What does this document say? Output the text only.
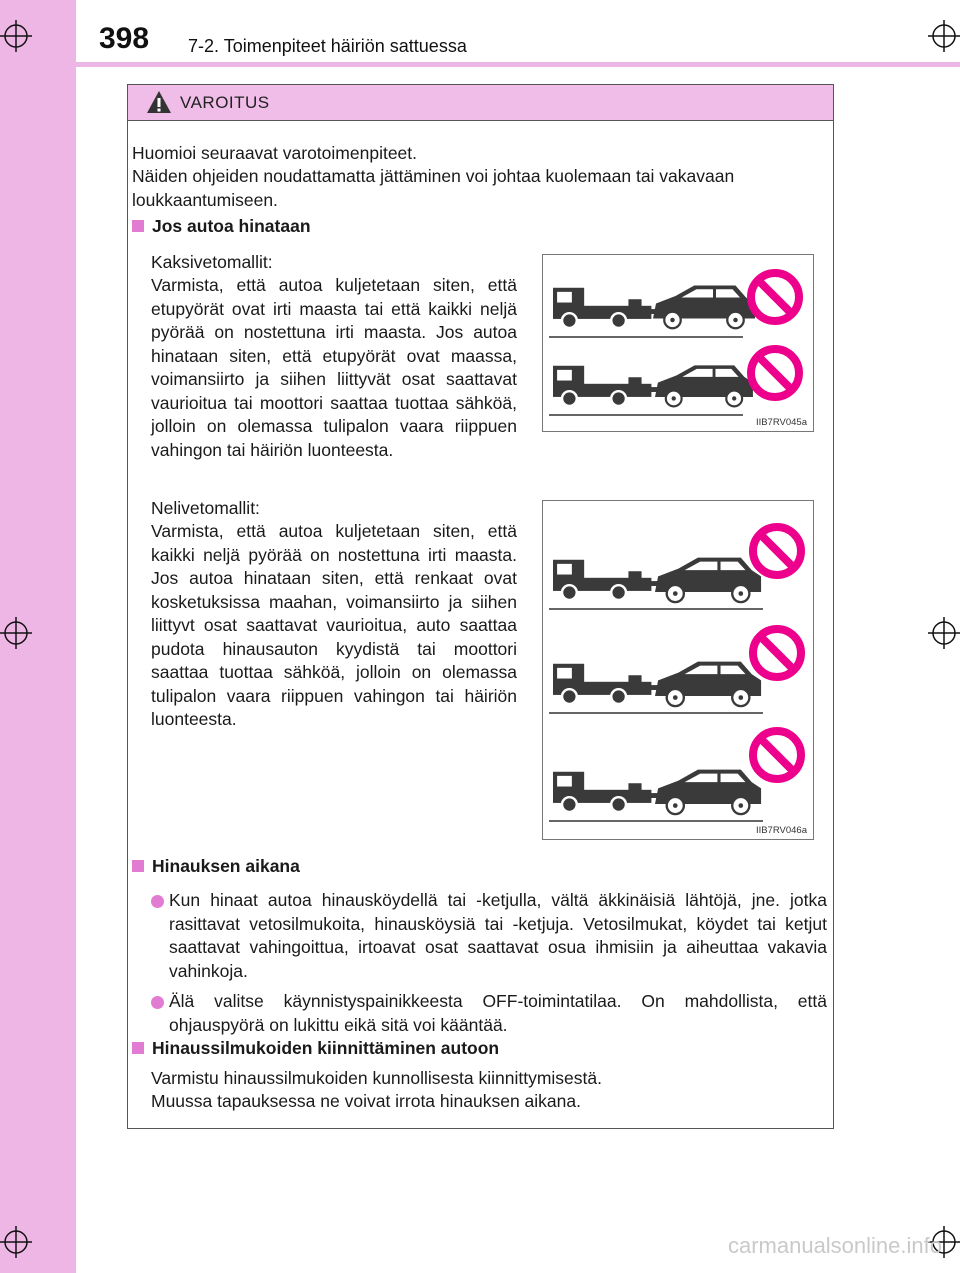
398 7-2. Toimenpiteet häiriön sattuessa
VAROITUS
Huomioi seuraavat varotoimenpiteet.
Näiden ohjeiden noudattamatta jättäminen voi johtaa kuolemaan tai vakavaan loukkaantumiseen.
Jos autoa hinataan
Kaksivetomallit:
Varmista, että autoa kuljetetaan siten, että etupyörät ovat irti maasta tai että kaikki neljä pyörää on nostettuna irti maasta. Jos autoa hinataan siten, että etupyörät ovat maassa, voimansiirto ja siihen liittyvät osat saattavat vaurioitua tai moottori saattaa tuottaa sähköä, jolloin on olemassa tulipalon vaara riippuen vahingon tai häiriön luonteesta.
IIB7RV045a
Nelivetomallit:
Varmista, että autoa kuljetetaan siten, että kaikki neljä pyörää on nostettuna irti maasta. Jos autoa hinataan siten, että renkaat ovat kosketuksissa maahan, voimansiirto ja siihen liittyvt osat saattavat vaurioitua, auto saattaa pudota hinausauton kyydistä tai moottori saattaa tuottaa sähköä, jolloin on olemassa tulipalon vaara riippuen vahingon tai häiriön luonteesta.
IIB7RV046a
Hinauksen aikana
Kun hinaat autoa hinausköydellä tai -ketjulla, vältä äkkinäisiä lähtöjä, jne. jotka rasittavat vetosilmukoita, hinausköysiä tai -ketjuja. Vetosilmukat, köydet tai ketjut saattavat vahingoittua, irtoavat osat saattavat osua ihmisiin ja aiheuttaa vakavia vahinkoja.
Älä valitse käynnistyspainikkeesta OFF-toimintatilaa. On mahdollista, että ohjauspyörä on lukittu eikä sitä voi kääntää.
Hinaussilmukoiden kiinnittäminen autoon
Varmistu hinaussilmukoiden kunnollisesta kiinnittymisestä.
Muussa tapauksessa ne voivat irrota hinauksen aikana.
carmanualsonline.info
